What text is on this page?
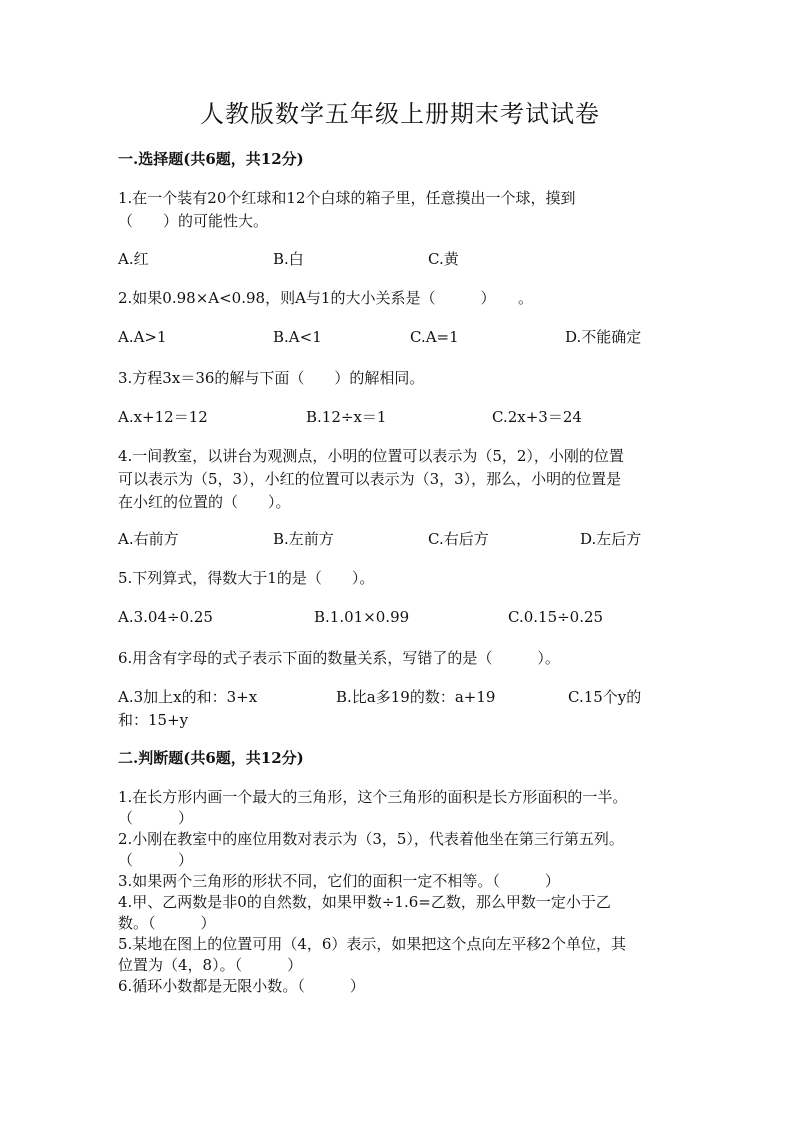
人教版数学五年级上册期末考试试卷
一.选择题(共6题，共12分)
1.在一个装有20个红球和12个白球的箱子里，任意摸出一个球，摸到
（　　）的可能性大。
A.红	B.白	C.黄
2.如果0.98×A<0.98，则A与1的大小关系是（　　　）　　。
A.A>1	B.A<1	C.A=1	D.不能确定
3.方程3x＝36的解与下面（　　）的解相同。
A.x+12＝12	B.12÷x＝1	C.2x+3＝24
4.一间教室，以讲台为观测点，小明的位置可以表示为（5，2），小刚的位置
可以表示为（5，3），小红的位置可以表示为（3，3），那么，小明的位置是
在小红的位置的（　　）。
A.右前方	B.左前方	C.右后方	D.左后方
5.下列算式，得数大于1的是（　　）。
A.3.04÷0.25	B.1.01×0.99	C.0.15÷0.25
6.用含有字母的式子表示下面的数量关系，写错了的是（　　　）。
A.3加上x的和：3+x	B.比a多19的数：a+19	C.15个y的
和：15+y
二.判断题(共6题，共12分)
1.在长方形内画一个最大的三角形，这个三角形的面积是长方形面积的一半。
（　　　）
2.小刚在教室中的座位用数对表示为（3，5），代表着他坐在第三行第五列。
（　　　）
3.如果两个三角形的形状不同，它们的面积一定不相等。（　　　）
4.甲、乙两数是非0的自然数，如果甲数÷1.6=乙数，那么甲数一定小于乙
数。（　　　）
5.某地在图上的位置可用（4，6）表示，如果把这个点向左平移2个单位，其
位置为（4，8）。（　　　）
6.循环小数都是无限小数。（　　　）
